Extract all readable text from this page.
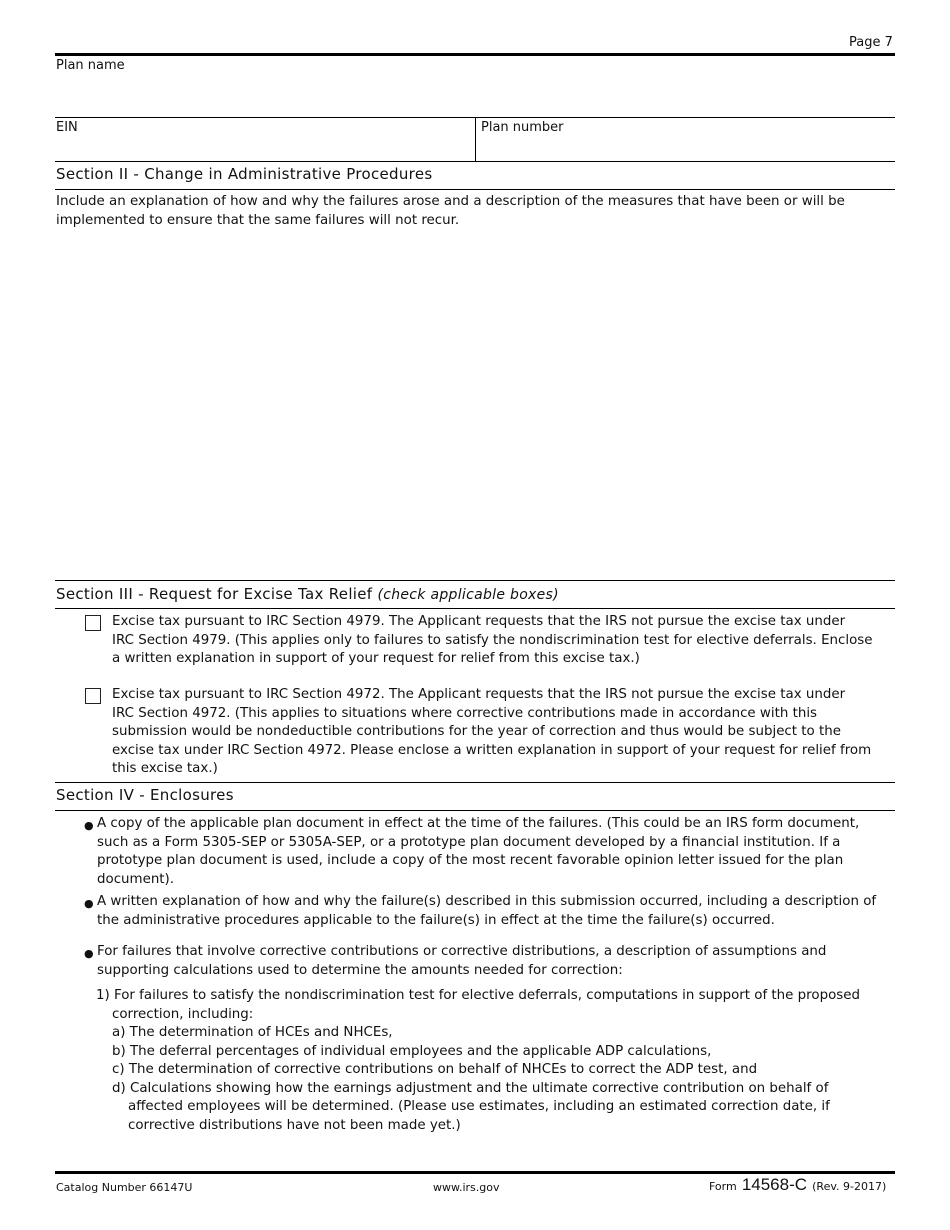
Page 7
Plan name
EIN	Plan number
Section II - Change in Administrative Procedures
Include an explanation of how and why the failures arose and a description of the measures that have been or will be
implemented to ensure that the same failures will not recur.
Section III - Request for Excise Tax Relief (check applicable boxes)
Excise tax pursuant to IRC Section 4979. The Applicant requests that the IRS not pursue the excise tax under
IRC Section 4979. (This applies only to failures to satisfy the nondiscrimination test for elective deferrals. Enclose
a written explanation in support of your request for relief from this excise tax.)
Excise tax pursuant to IRC Section 4972. The Applicant requests that the IRS not pursue the excise tax under
IRC Section 4972. (This applies to situations where corrective contributions made in accordance with this
submission would be nondeductible contributions for the year of correction and thus would be subject to the
excise tax under IRC Section 4972. Please enclose a written explanation in support of your request for relief from
this excise tax.)
Section IV - Enclosures
● A copy of the applicable plan document in effect at the time of the failures. (This could be an IRS form document,
such as a Form 5305-SEP or 5305A-SEP, or a prototype plan document developed by a financial institution. If a
prototype plan document is used, include a copy of the most recent favorable opinion letter issued for the plan
document).
● A written explanation of how and why the failure(s) described in this submission occurred, including a description of
the administrative procedures applicable to the failure(s) in effect at the time the failure(s) occurred.
● For failures that involve corrective contributions or corrective distributions, a description of assumptions and
supporting calculations used to determine the amounts needed for correction:
1) For failures to satisfy the nondiscrimination test for elective deferrals, computations in support of the proposed
correction, including:
a) The determination of HCEs and NHCEs,
b) The deferral percentages of individual employees and the applicable ADP calculations,
c) The determination of corrective contributions on behalf of NHCEs to correct the ADP test, and
d) Calculations showing how the earnings adjustment and the ultimate corrective contribution on behalf of
affected employees will be determined. (Please use estimates, including an estimated correction date, if
corrective distributions have not been made yet.)
Catalog Number 66147U	www.irs.gov	Form 14568-C (Rev. 9-2017)
